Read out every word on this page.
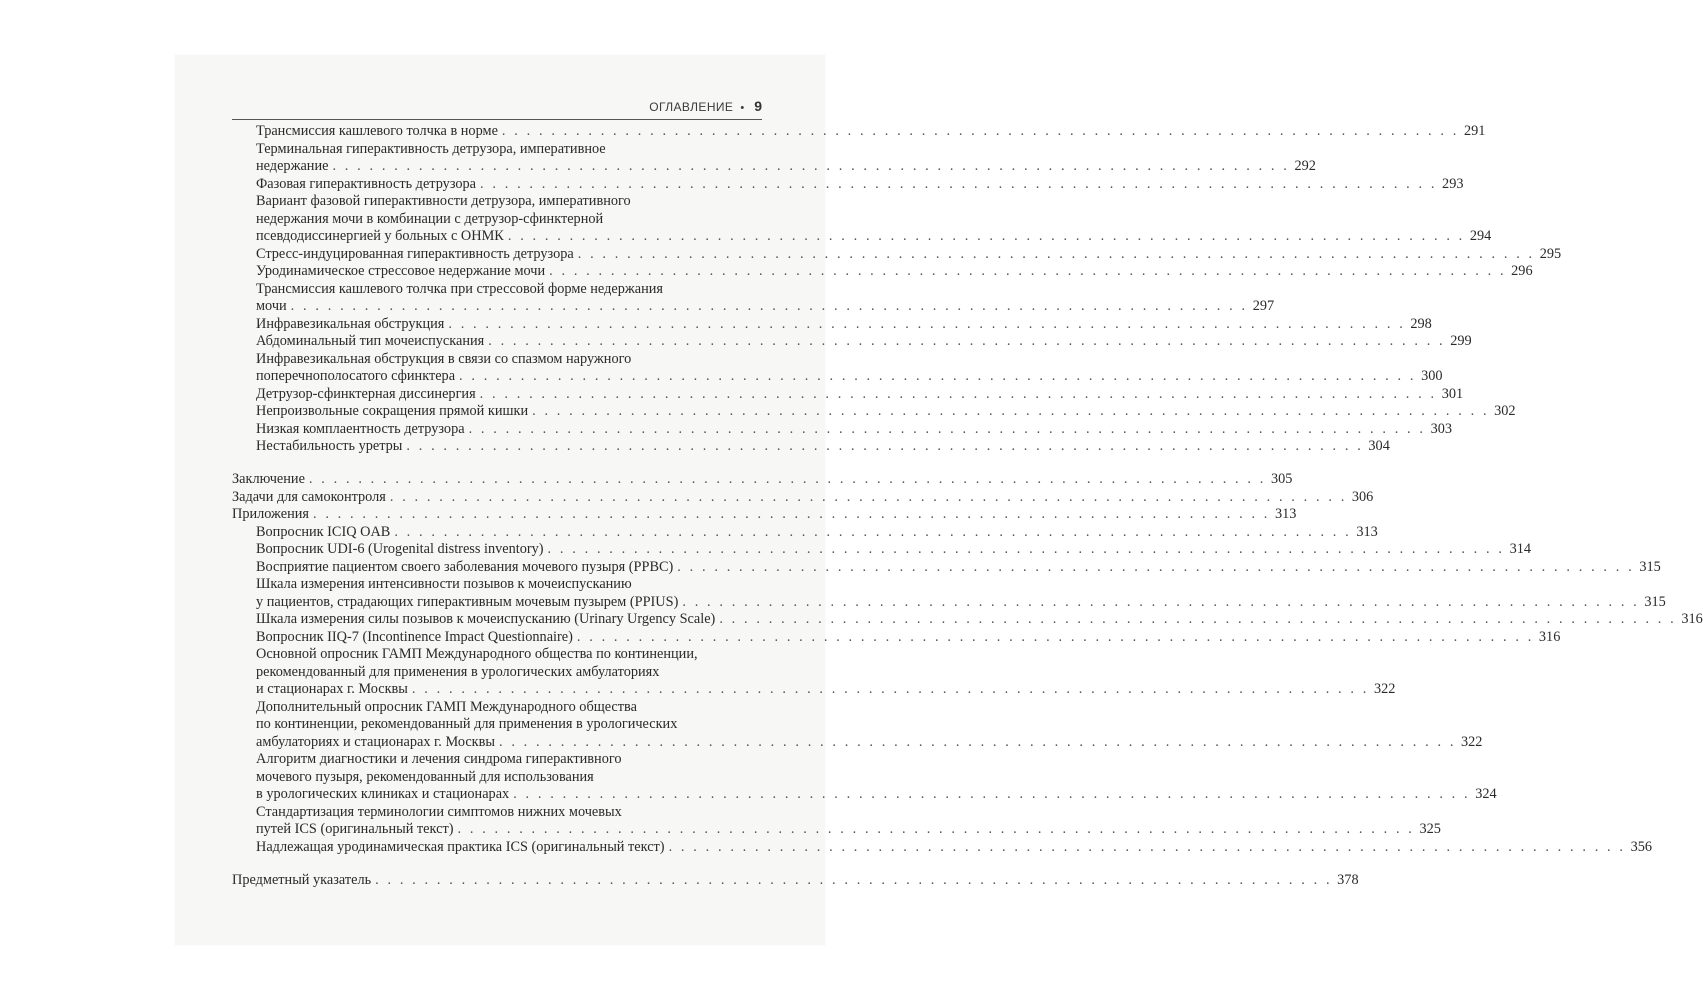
ОГЛАВЛЕНИЕ • 9
Трансмиссия кашлевого толчка в норме . . . . . . . . . . . . . . . . . . . . . . . . . . . . . . . . . . . . . . . . . . . . . . . . . . . . . . . . . . . . . . . . . . . . . . . . . . . . . . 291
Терминальная гиперактивность детрузора, императивное
недержание . . . . . . . . . . . . . . . . . . . . . . . . . . . . . . . . . . . . . . . . . . . . . . . . . . . . . . . . . . . . . . . . . . . . . . . . . . . . . . 292
Фазовая гиперактивность детрузора . . . . . . . . . . . . . . . . . . . . . . . . . . . . . . . . . . . . . . . . . . . . . . . . . . . . . . . . . . . . . . . . . . . . . . . . . . . . . . 293
Вариант фазовой гиперактивности детрузора, императивного
недержания мочи в комбинации с детрузор-сфинктерной
псевдодиссинергией у больных с ОНМК . . . . . . . . . . . . . . . . . . . . . . . . . . . . . . . . . . . . . . . . . . . . . . . . . . . . . . . . . . . . . . . . . . . . . . . . . . . . . . 294
Стресс-индуцированная гиперактивность детрузора . . . . . . . . . . . . . . . . . . . . . . . . . . . . . . . . . . . . . . . . . . . . . . . . . . . . . . . . . . . . . . . . . . . . . . . . . . . . . . 295
Уродинамическое стрессовое недержание мочи . . . . . . . . . . . . . . . . . . . . . . . . . . . . . . . . . . . . . . . . . . . . . . . . . . . . . . . . . . . . . . . . . . . . . . . . . . . . . . 296
Трансмиссия кашлевого толчка при стрессовой форме недержания
мочи . . . . . . . . . . . . . . . . . . . . . . . . . . . . . . . . . . . . . . . . . . . . . . . . . . . . . . . . . . . . . . . . . . . . . . . . . . . . . . 297
Инфравезикальная обструкция . . . . . . . . . . . . . . . . . . . . . . . . . . . . . . . . . . . . . . . . . . . . . . . . . . . . . . . . . . . . . . . . . . . . . . . . . . . . . . 298
Абдоминальный тип мочеиспускания . . . . . . . . . . . . . . . . . . . . . . . . . . . . . . . . . . . . . . . . . . . . . . . . . . . . . . . . . . . . . . . . . . . . . . . . . . . . . . 299
Инфравезикальная обструкция в связи со спазмом наружного
поперечнополосатого сфинктера . . . . . . . . . . . . . . . . . . . . . . . . . . . . . . . . . . . . . . . . . . . . . . . . . . . . . . . . . . . . . . . . . . . . . . . . . . . . . . 300
Детрузор-сфинктерная диссинергия . . . . . . . . . . . . . . . . . . . . . . . . . . . . . . . . . . . . . . . . . . . . . . . . . . . . . . . . . . . . . . . . . . . . . . . . . . . . . . 301
Непроизвольные сокращения прямой кишки . . . . . . . . . . . . . . . . . . . . . . . . . . . . . . . . . . . . . . . . . . . . . . . . . . . . . . . . . . . . . . . . . . . . . . . . . . . . . . 302
Низкая комплаентность детрузора . . . . . . . . . . . . . . . . . . . . . . . . . . . . . . . . . . . . . . . . . . . . . . . . . . . . . . . . . . . . . . . . . . . . . . . . . . . . . . 303
Нестабильность уретры . . . . . . . . . . . . . . . . . . . . . . . . . . . . . . . . . . . . . . . . . . . . . . . . . . . . . . . . . . . . . . . . . . . . . . . . . . . . . . 304
Заключение . . . . . . . . . . . . . . . . . . . . . . . . . . . . . . . . . . . . . . . . . . . . . . . . . . . . . . . . . . . . . . . . . . . . . . . . . . . . . . 305
Задачи для самоконтроля . . . . . . . . . . . . . . . . . . . . . . . . . . . . . . . . . . . . . . . . . . . . . . . . . . . . . . . . . . . . . . . . . . . . . . . . . . . . . . 306
Приложения . . . . . . . . . . . . . . . . . . . . . . . . . . . . . . . . . . . . . . . . . . . . . . . . . . . . . . . . . . . . . . . . . . . . . . . . . . . . . . 313
Вопросник ICIQ OAB . . . . . . . . . . . . . . . . . . . . . . . . . . . . . . . . . . . . . . . . . . . . . . . . . . . . . . . . . . . . . . . . . . . . . . . . . . . . . . 313
Вопросник UDI-6 (Urogenital distress inventory) . . . . . . . . . . . . . . . . . . . . . . . . . . . . . . . . . . . . . . . . . . . . . . . . . . . . . . . . . . . . . . . . . . . . . . . . . . . . . . 314
Восприятие пациентом своего заболевания мочевого пузыря (PPBC) . . . . . . . . . . . . . . . . . . . . . . . . . . . . . . . . . . . . . . . . . . . . . . . . . . . . . . . . . . . . . . . . . . . . . . . . . . . . . . 315
Шкала измерения интенсивности позывов к мочеиспусканию
у пациентов, страдающих гиперактивным мочевым пузырем (PPIUS) . . . . . . . . . . . . . . . . . . . . . . . . . . . . . . . . . . . . . . . . . . . . . . . . . . . . . . . . . . . . . . . . . . . . . . . . . . . . . . 315
Шкала измерения силы позывов к мочеиспусканию (Urinary Urgency Scale) . . . . . . . . . . . . . . . . . . . . . . . . . . . . . . . . . . . . . . . . . . . . . . . . . . . . . . . . . . . . . . . . . . . . . . . . . . . . . . 316
Вопросник IIQ-7 (Incontinence Impact Questionnaire) . . . . . . . . . . . . . . . . . . . . . . . . . . . . . . . . . . . . . . . . . . . . . . . . . . . . . . . . . . . . . . . . . . . . . . . . . . . . . . 316
Основной опросник ГАМП Международного общества по континенции,
рекомендованный для применения в урологических амбулаториях
и стационарах г. Москвы . . . . . . . . . . . . . . . . . . . . . . . . . . . . . . . . . . . . . . . . . . . . . . . . . . . . . . . . . . . . . . . . . . . . . . . . . . . . . . 322
Дополнительный опросник ГАМП Международного общества
по континенции, рекомендованный для применения в урологических
амбулаториях и стационарах г. Москвы . . . . . . . . . . . . . . . . . . . . . . . . . . . . . . . . . . . . . . . . . . . . . . . . . . . . . . . . . . . . . . . . . . . . . . . . . . . . . . 322
Алгоритм диагностики и лечения синдрома гиперактивного
мочевого пузыря, рекомендованный для использования
в урологических клиниках и стационарах . . . . . . . . . . . . . . . . . . . . . . . . . . . . . . . . . . . . . . . . . . . . . . . . . . . . . . . . . . . . . . . . . . . . . . . . . . . . . . 324
Стандартизация терминологии симптомов нижних мочевых
путей ICS (оригинальный текст) . . . . . . . . . . . . . . . . . . . . . . . . . . . . . . . . . . . . . . . . . . . . . . . . . . . . . . . . . . . . . . . . . . . . . . . . . . . . . . 325
Надлежащая уродинамическая практика ICS (оригинальный текст) . . . . . . . . . . . . . . . . . . . . . . . . . . . . . . . . . . . . . . . . . . . . . . . . . . . . . . . . . . . . . . . . . . . . . . . . . . . . . . 356
Предметный указатель . . . . . . . . . . . . . . . . . . . . . . . . . . . . . . . . . . . . . . . . . . . . . . . . . . . . . . . . . . . . . . . . . . . . . . . . . . . . . . 378
